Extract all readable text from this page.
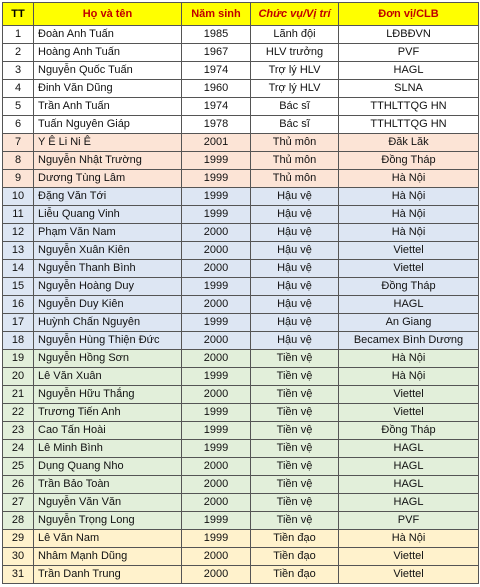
TT	Họ và tên	Năm sinh	Chức vụ/Vị trí	Đơn vị/CLB
1	Đoàn Anh Tuấn	1985	Lãnh đội	LĐBĐVN
2	Hoàng Anh Tuấn	1967	HLV trưởng	PVF
3	Nguyễn Quốc Tuấn	1974	Trợ lý HLV	HAGL
4	Đinh Văn Dũng	1960	Trợ lý HLV	SLNA
5	Trần Anh Tuấn	1974	Bác sĩ	TTHLTTQG HN
6	Tuấn Nguyên Giáp	1978	Bác sĩ	TTHLTTQG HN
7	Y Ê Li Ni Ê	2001	Thủ môn	Đăk Lăk
8	Nguyễn Nhật Trường	1999	Thủ môn	Đồng Tháp
9	Dương Tùng Lâm	1999	Thủ môn	Hà Nội
10	Đặng Văn Tới	1999	Hậu vệ	Hà Nội
11	Liễu Quang Vinh	1999	Hậu vệ	Hà Nội
12	Phạm Văn Nam	2000	Hậu vệ	Hà Nội
13	Nguyễn Xuân Kiên	2000	Hậu vệ	Viettel
14	Nguyễn Thanh Bình	2000	Hậu vệ	Viettel
15	Nguyễn Hoàng Duy	1999	Hậu vệ	Đồng Tháp
16	Nguyễn Duy Kiên	2000	Hậu vệ	HAGL
17	Huỳnh Chấn Nguyên	1999	Hậu vệ	An Giang
18	Nguyễn Hùng Thiện Đức	2000	Hậu vệ	Becamex Bình Dương
19	Nguyễn Hồng Sơn	2000	Tiền vệ	Hà Nội
20	Lê Văn Xuân	1999	Tiền vệ	Hà Nội
21	Nguyễn Hữu Thắng	2000	Tiền vệ	Viettel
22	Trương Tiến Anh	1999	Tiền vệ	Viettel
23	Cao Tấn Hoài	1999	Tiền vệ	Đồng Tháp
24	Lê Minh Bình	1999	Tiền vệ	HAGL
25	Dụng Quang Nho	2000	Tiền vệ	HAGL
26	Trần Bảo Toàn	2000	Tiền vệ	HAGL
27	Nguyễn Văn Văn	2000	Tiền vệ	HAGL
28	Nguyễn Trọng Long	1999	Tiền vệ	PVF
29	Lê Văn Nam	1999	Tiền đạo	Hà Nội
30	Nhâm Mạnh Dũng	2000	Tiền đạo	Viettel
31	Trần Danh Trung	2000	Tiền đạo	Viettel
